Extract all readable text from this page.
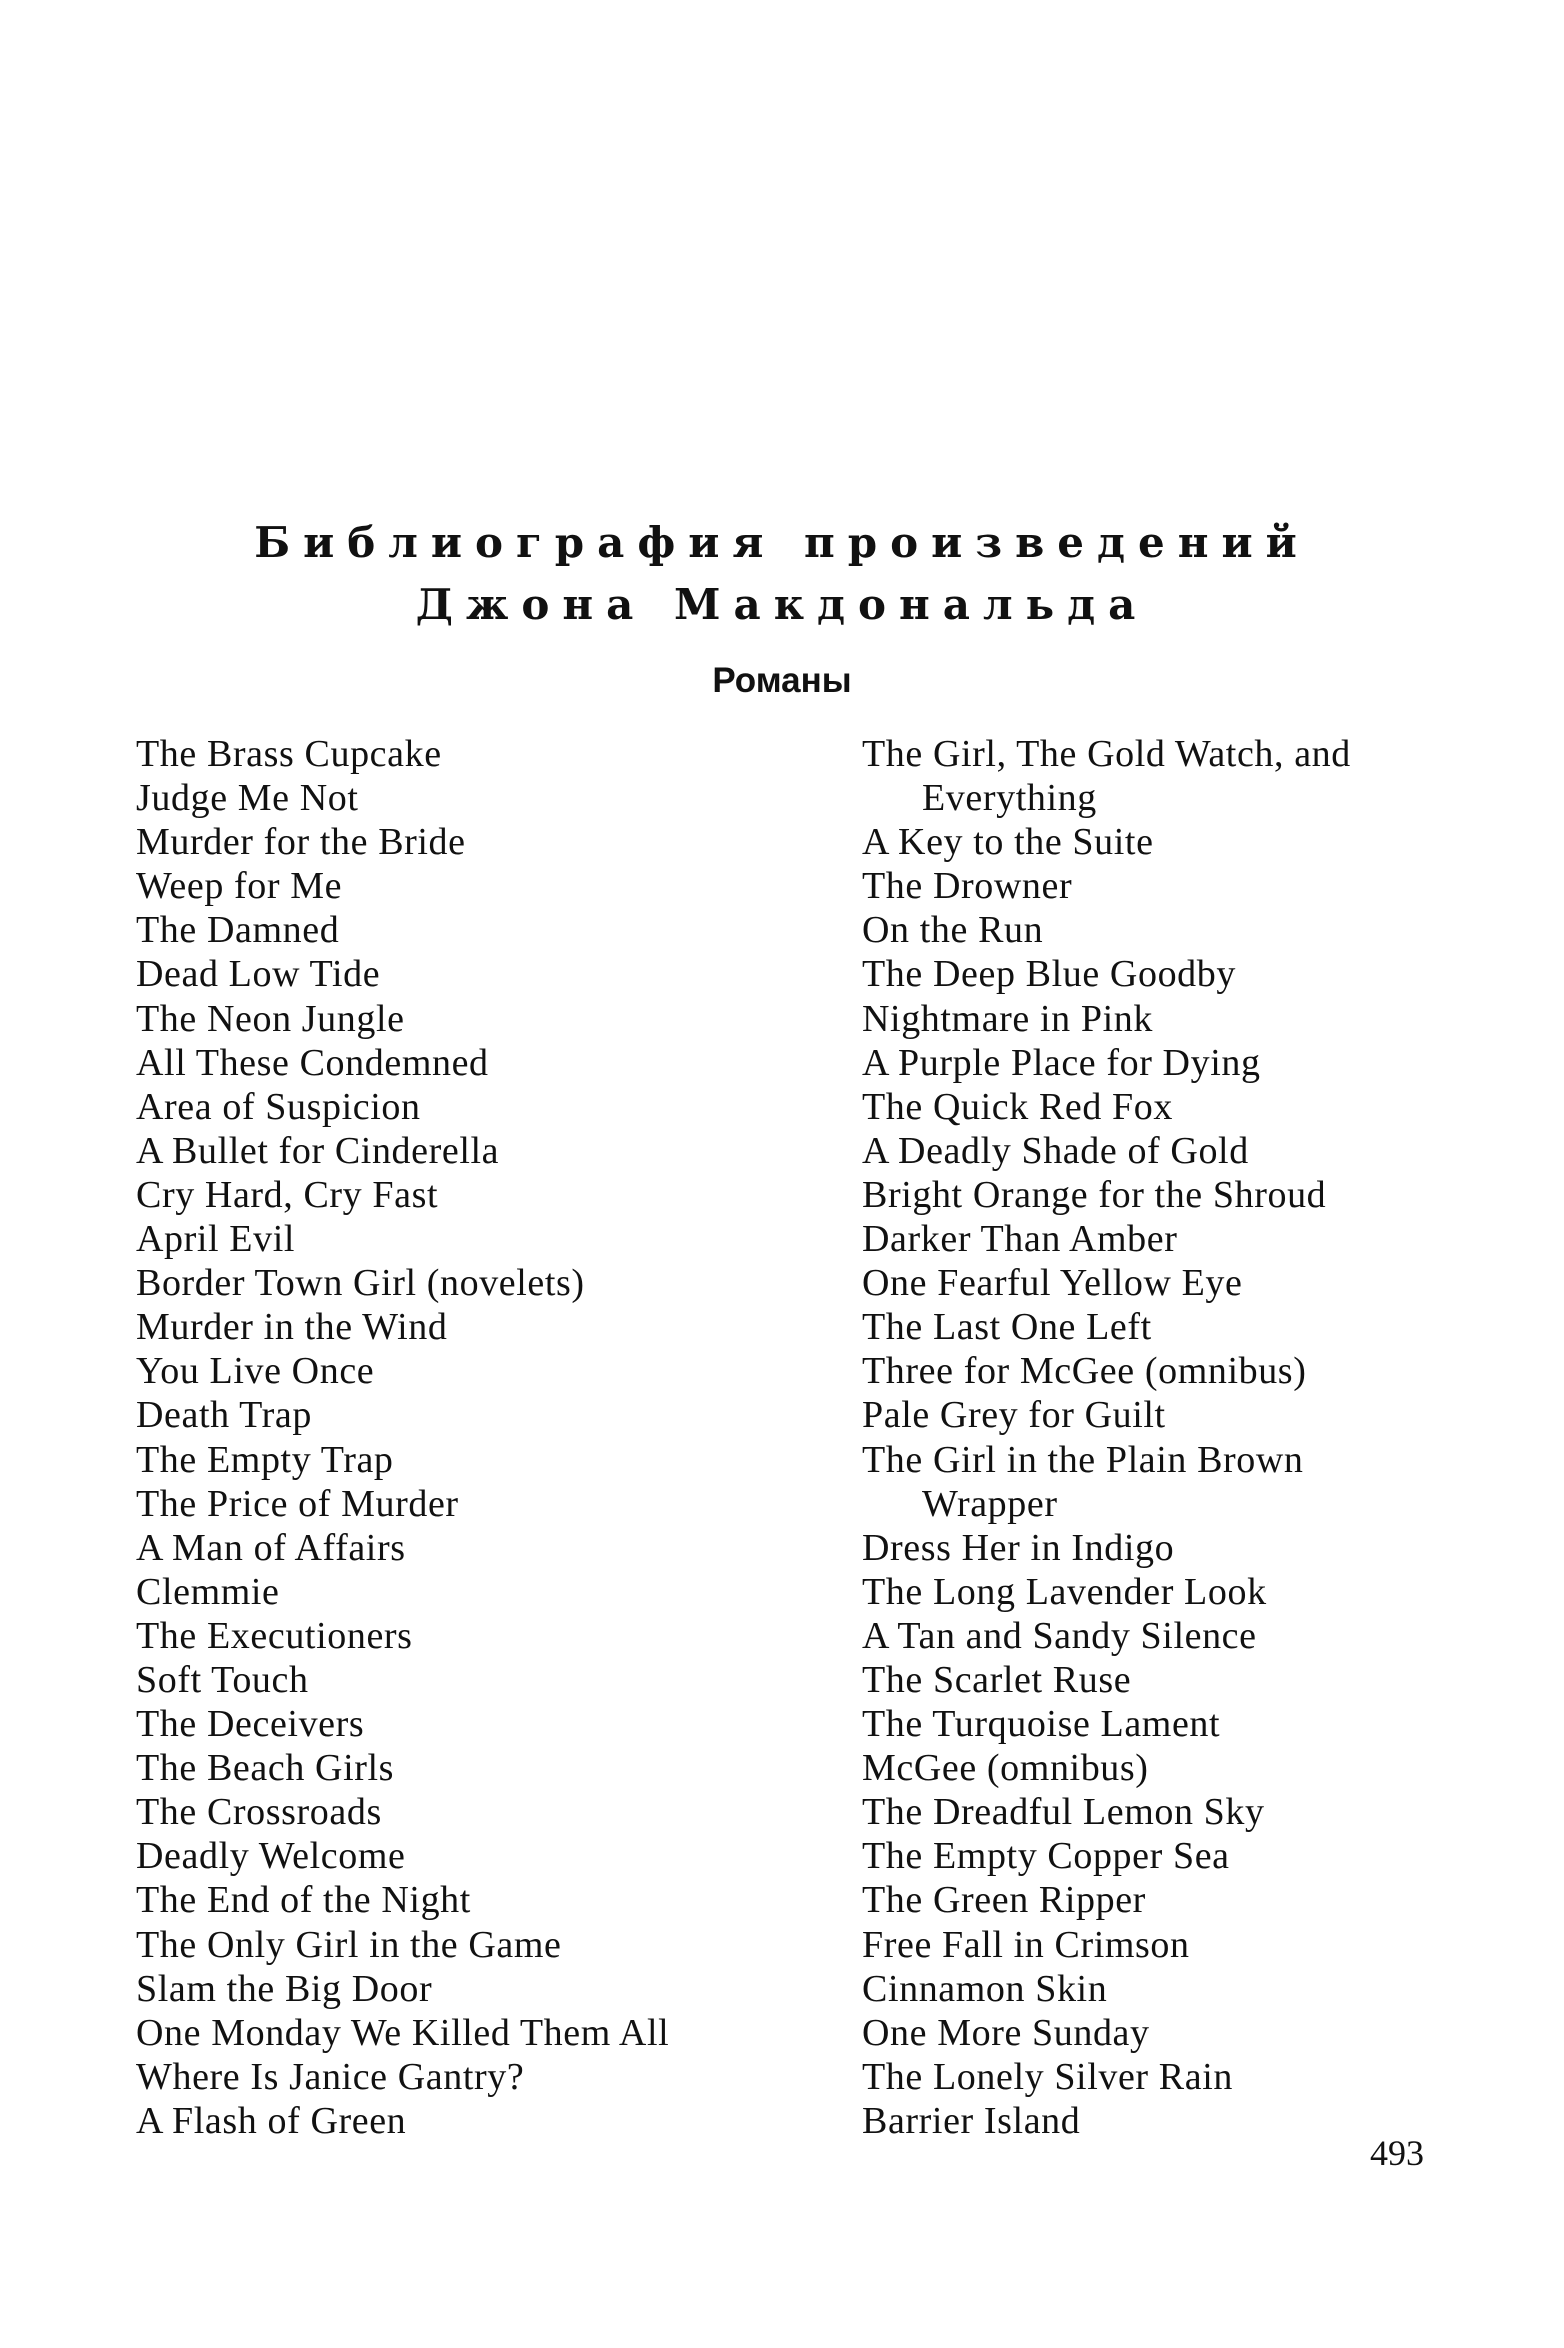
Библиография произведений
Джона Макдональда
Романы
The Brass Cupcake
Judge Me Not
Murder for the Bride
Weep for Me
The Damned
Dead Low Tide
The Neon Jungle
All These Condemned
Area of Suspicion
A Bullet for Cinderella
Cry Hard, Cry Fast
April Evil
Border Town Girl (novelets)
Murder in the Wind
You Live Once
Death Trap
The Empty Trap
The Price of Murder
A Man of Affairs
Clemmie
The Executioners
Soft Touch
The Deceivers
The Beach Girls
The Crossroads
Deadly Welcome
The End of the Night
The Only Girl in the Game
Slam the Big Door
One Monday We Killed Them All
Where Is Janice Gantry?
A Flash of Green
The Girl, The Gold Watch, and
Everything
A Key to the Suite
The Drowner
On the Run
The Deep Blue Goodby
Nightmare in Pink
A Purple Place for Dying
The Quick Red Fox
A Deadly Shade of Gold
Bright Orange for the Shroud
Darker Than Amber
One Fearful Yellow Eye
The Last One Left
Three for McGee (omnibus)
Pale Grey for Guilt
The Girl in the Plain Brown
Wrapper
Dress Her in Indigo
The Long Lavender Look
A Tan and Sandy Silence
The Scarlet Ruse
The Turquoise Lament
McGee (omnibus)
The Dreadful Lemon Sky
The Empty Copper Sea
The Green Ripper
Free Fall in Crimson
Cinnamon Skin
One More Sunday
The Lonely Silver Rain
Barrier Island
493
